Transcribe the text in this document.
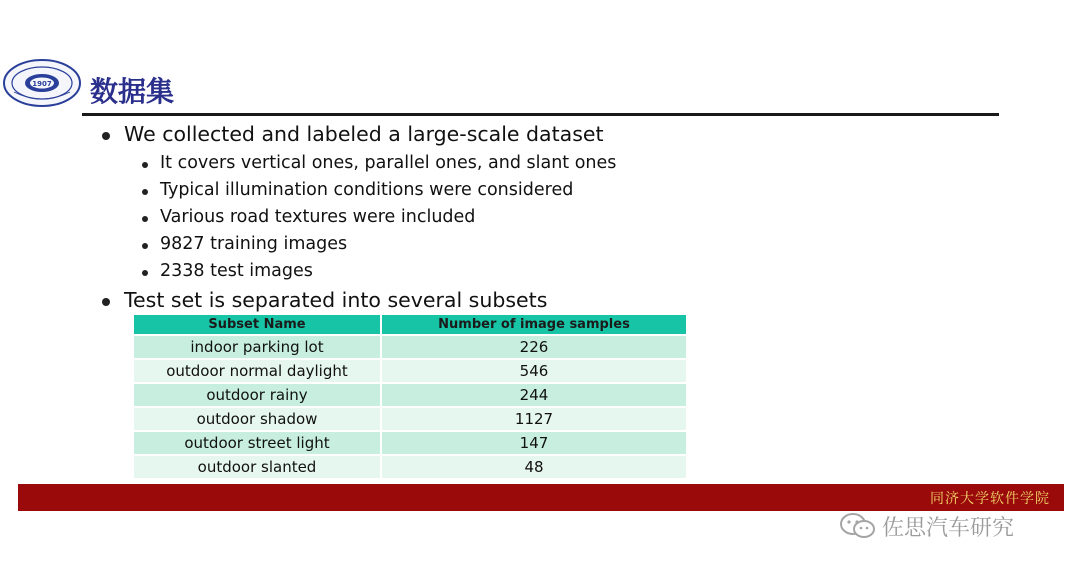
1907 数据集
We collected and labeled a large-scale dataset
It covers vertical ones, parallel ones, and slant ones
Typical illumination conditions were considered
Various road textures were included
9827 training images
2338 test images
Test set is separated into several subsets
Subset Name	Number of image samples
indoor parking lot	226
outdoor normal daylight	546
outdoor rainy	244
outdoor shadow	1127
outdoor street light	147
outdoor slanted	48
同济大学软件学院
佐思汽车研究
